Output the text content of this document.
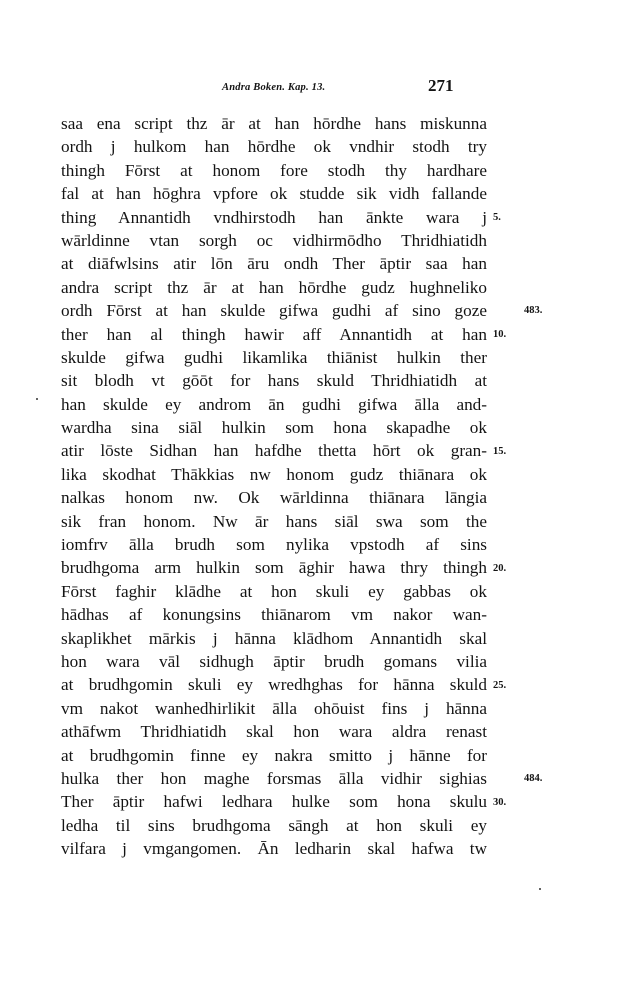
Andra Boken. Kap. 13.	271
saa ena script thz ār at han hōrdhe hans miskunna
ordh j hulkom han hōrdhe ok vndhir stodh try
thingh Fōrst at honom fore stodh thy hardhare
fal at han hōghra vpfore ok studde sik vidh fallande
thing Annantidh vndhirstodh han ānkte wara j
wārldinne vtan sorgh oc vidhirmōdho Thridhiatidh
at diāfwlsins atir lōn āru ondh Ther āptir saa han
andra script thz ār at han hōrdhe gudz hughneliko
ordh Fōrst at han skulde gifwa gudhi af sino goze
ther han al thingh hawir aff Annantidh at han
skulde gifwa gudhi likamlika thiānist hulkin ther
sit blodh vt gōōt for hans skuld Thridhiatidh at
han skulde ey androm ān gudhi gifwa ālla and-
wardha sina siāl hulkin som hona skapadhe ok
atir lōste Sidhan han hafdhe thetta hōrt ok gran-
lika skodhat Thākkias nw honom gudz thiānara ok
nalkas honom nw. Ok wārldinna thiānara lāngia
sik fran honom. Nw ār hans siāl swa som the
iomfrv ālla brudh som nylika vpstodh af sins
brudhgoma arm hulkin som āghir hawa thry thingh
Fōrst faghir klādhe at hon skuli ey gabbas ok
hādhas af konungsins thiānarom vm nakor wan-
skaplikhet mārkis j hānna klādhom Annantidh skal
hon wara vāl sidhugh āptir brudh gomans vilia
at brudhgomin skuli ey wredhghas for hānna skuld
vm nakot wanhedhirlikit ālla ohōuist fins j hānna
athāfwm Thridhiatidh skal hon wara aldra renast
at brudhgomin finne ey nakra smitto j hānne for
hulka ther hon maghe forsmas ālla vidhir sighias
Ther āptir hafwi ledhara hulke som hona skulu
ledha til sins brudhgoma sāngh at hon skuli ey
vilfara j vmgangomen. Ān ledharin skal hafwa tw
5.
483.
10.
15.
20.
25.
484.
30.
